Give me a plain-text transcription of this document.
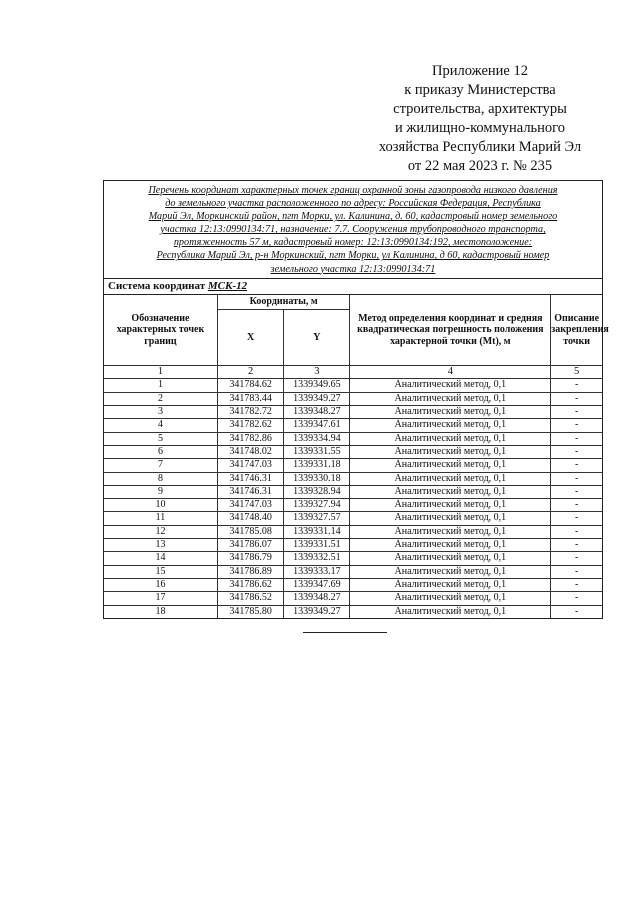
Приложение 12
к приказу Министерства
строительства, архитектуры
и жилищно-коммунального
хозяйства Республики Марий Эл
от 22 мая 2023 г. № 235
Перечень координат характерных точек границ охранной зоны газопровода низкого давления
до земельного участка расположенного по адресу: Российская Федерация, Республика
Марий Эл, Моркинский район, пгт Морки, ул. Калинина, д. 60, кадастровый номер земельного
участка 12:13:0990134:71, назначение: 7.7. Сооружения трубопроводного транспорта,
протяженность 57 м, кадастровый номер: 12:13:0990134:192, местоположение:
Республика Марий Эл, р-н Моркинский, пгт Морки, ул Калинина, д 60, кадастровый номер
земельного участка 12:13:0990134:71
Система координат МСК-12
Обозначение характерных точек границ	Координаты, м		Метод определения координат и средняя квадратическая погрешность положения характерной точки (Mt), м	Описание закрепления точки
	X	Y		
1	2	3	4	5
1	341784.62	1339349.65	Аналитический метод, 0,1	-
2	341783.44	1339349.27	Аналитический метод, 0,1	-
3	341782.72	1339348.27	Аналитический метод, 0,1	-
4	341782.62	1339347.61	Аналитический метод, 0,1	-
5	341782.86	1339334.94	Аналитический метод, 0,1	-
6	341748.02	1339331.55	Аналитический метод, 0,1	-
7	341747.03	1339331.18	Аналитический метод, 0,1	-
8	341746.31	1339330.18	Аналитический метод, 0,1	-
9	341746.31	1339328.94	Аналитический метод, 0,1	-
10	341747.03	1339327.94	Аналитический метод, 0,1	-
11	341748.40	1339327.57	Аналитический метод, 0,1	-
12	341785.08	1339331.14	Аналитический метод, 0,1	-
13	341786.07	1339331.51	Аналитический метод, 0,1	-
14	341786.79	1339332.51	Аналитический метод, 0,1	-
15	341786.89	1339333.17	Аналитический метод, 0,1	-
16	341786.62	1339347.69	Аналитический метод, 0,1	-
17	341786.52	1339348.27	Аналитический метод, 0,1	-
18	341785.80	1339349.27	Аналитический метод, 0,1	-
